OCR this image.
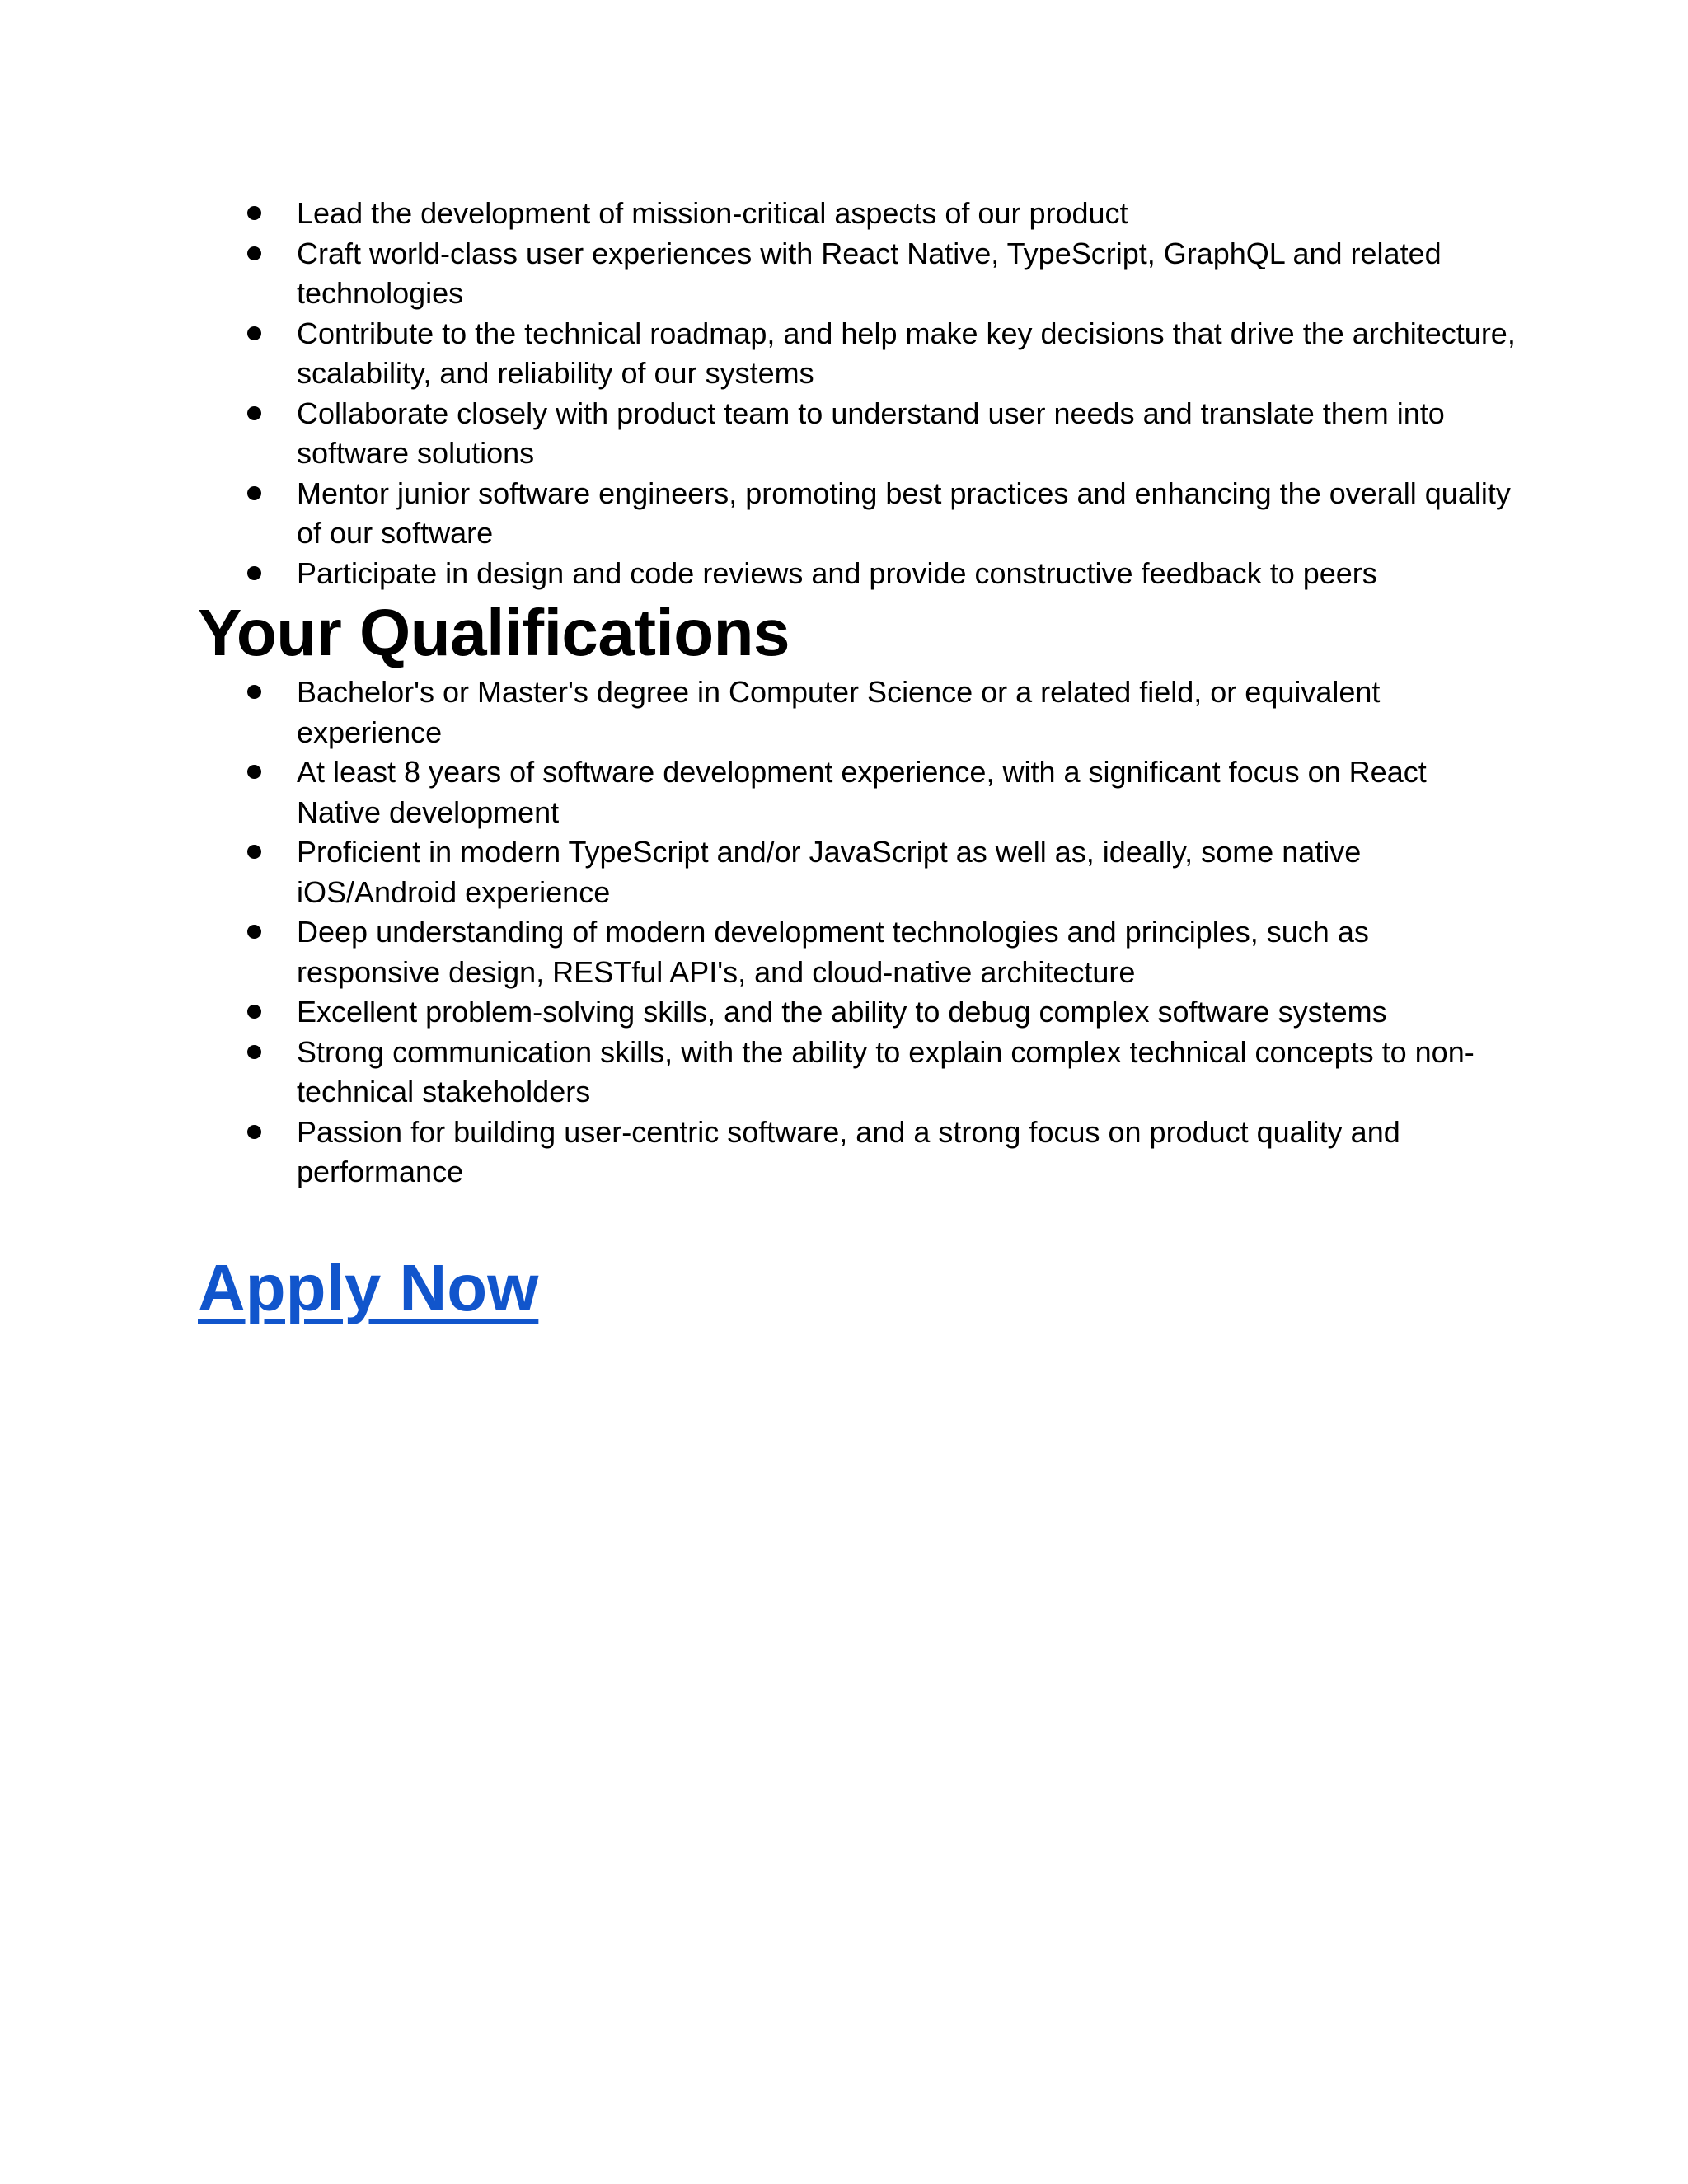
Lead the development of mission-critical aspects of our product
Craft world-class user experiences with React Native, TypeScript, GraphQL and related technologies
Contribute to the technical roadmap, and help make key decisions that drive the architecture, scalability, and reliability of our systems
Collaborate closely with product team to understand user needs and translate them into software solutions
Mentor junior software engineers, promoting best practices and enhancing the overall quality of our software
Participate in design and code reviews and provide constructive feedback to peers
Your Qualifications
Bachelor's or Master's degree in Computer Science or a related field, or equivalent experience
At least 8 years of software development experience, with a significant focus on React Native development
Proficient in modern TypeScript and/or JavaScript as well as, ideally, some native iOS/Android experience
Deep understanding of modern development technologies and principles, such as responsive design, RESTful API's, and cloud-native architecture
Excellent problem-solving skills, and the ability to debug complex software systems
Strong communication skills, with the ability to explain complex technical concepts to non-technical stakeholders
Passion for building user-centric software, and a strong focus on product quality and performance
Apply Now
